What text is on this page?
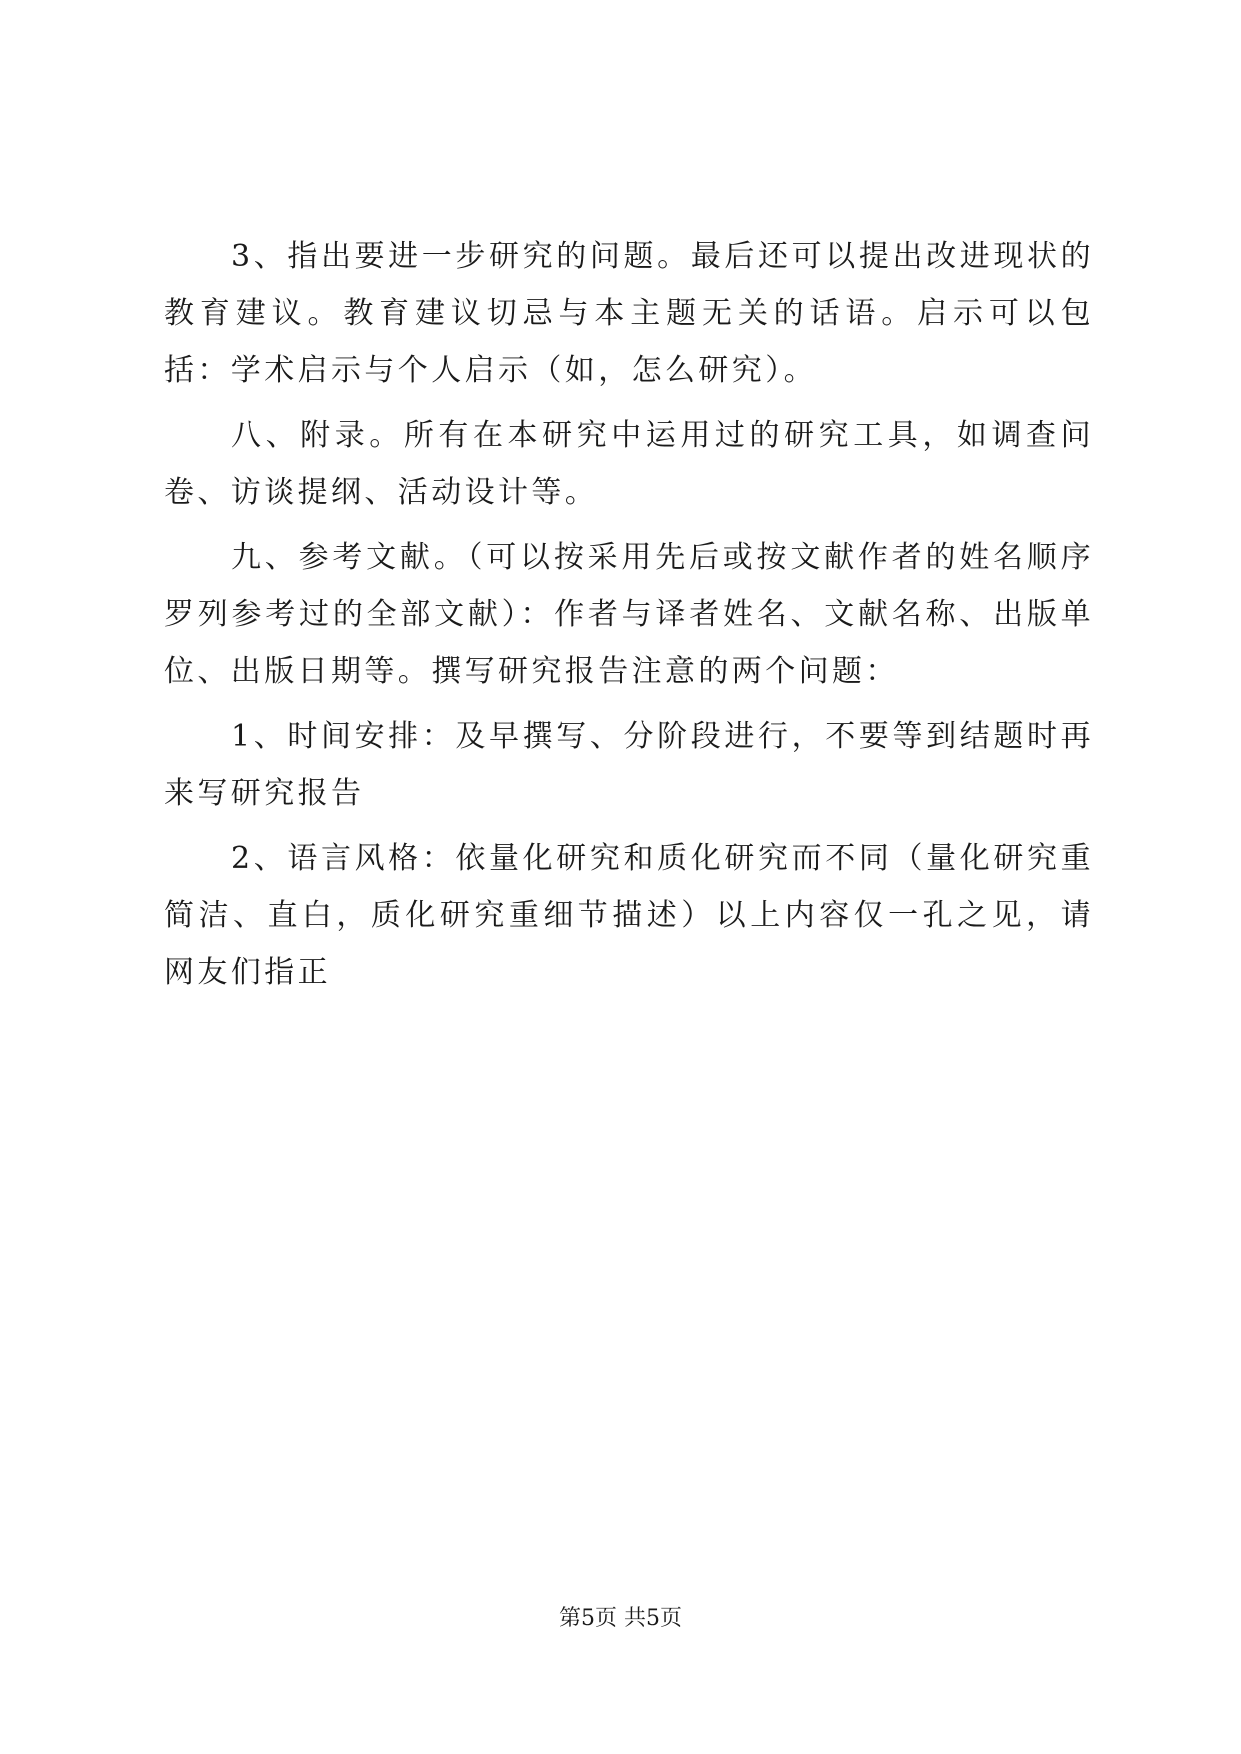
3、指出要进一步研究的问题。最后还可以提出改进现状的教育建议。教育建议切忌与本主题无关的话语。启示可以包括：学术启示与个人启示（如，怎么研究）。

八、附录。所有在本研究中运用过的研究工具，如调查问卷、访谈提纲、活动设计等。

九、参考文献。（可以按采用先后或按文献作者的姓名顺序罗列参考过的全部文献）：作者与译者姓名、文献名称、出版单位、出版日期等。撰写研究报告注意的两个问题：

1、时间安排：及早撰写、分阶段进行，不要等到结题时再来写研究报告

2、语言风格：依量化研究和质化研究而不同（量化研究重简洁、直白，质化研究重细节描述）以上内容仅一孔之见，请网友们指正

第5页 共5页
